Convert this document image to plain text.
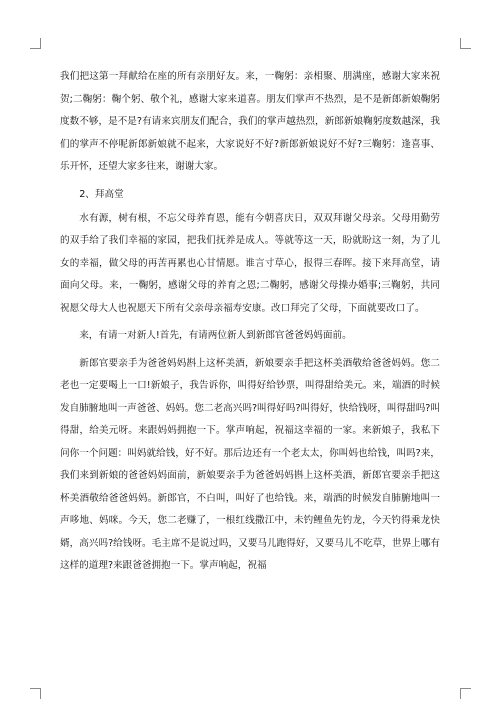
我们把这第一拜献给在座的所有亲朋好友。来，一鞠躬：亲相聚、朋满座，感谢大家来祝贺;二鞠躬：鞠个躬、敬个礼，感谢大家来道喜。朋友们掌声不热烈，是不是新郎新娘鞠躬度数不够，是不是?有请来宾朋友们配合，我们的掌声越热烈，新郎新娘鞠躬度数越深，我们的掌声不停呢新郎新娘就不起来，大家说好不好?新郎新娘说好不好?三鞠躬：逢喜事、乐开怀，还望大家多往来，谢谢大家。

2、拜高堂

水有源，树有根，不忘父母养育恩，能有今朝喜庆日，双双拜谢父母亲。父母用勤劳的双手给了我们幸福的家园，把我们抚养是成人。等就等这一天，盼就盼这一刻，为了儿女的幸福，做父母的再苦再累也心甘情愿。谁言寸草心，报得三春晖。接下来拜高堂，请面向父母。来，一鞠躬，感谢父母的养育之恩;二鞠躬，感谢父母操办婚事;三鞠躬，共同祝愿父母大人也祝愿天下所有父亲母亲福寿安康。改口拜完了父母，下面就要改口了。

来，有请一对新人!首先，有请两位新人到新郎官爸爸妈妈面前。

新郎官要亲手为爸爸妈妈斟上这杯美酒，新娘要亲手把这杯美酒敬给爸爸妈妈。您二老也一定要喝上一口!新娘子，我告诉你，叫得好给钞票，叫得甜给美元。来，端酒的时候发自肺腑地叫一声爸爸、妈妈。您二老高兴吗?叫得好吗?叫得好，快给钱呀，叫得甜吗?叫得甜，给美元呀。来跟妈妈拥抱一下。掌声响起，祝福这幸福的一家。来新娘子，我私下问你一个问题：叫妈就给钱，好不好。那后边还有一个老太太，你叫妈也给钱，叫吗?来，我们来到新娘的爸爸妈妈面前，新娘要亲手为爸爸妈妈斟上这杯美酒，新郎官要亲手把这杯美酒敬给爸爸妈妈。新郎官，不白叫，叫好了也给钱。来，端酒的时候发自肺腑地叫一声哆地、妈咪。今天，您二老赚了，一根红线撒江中，未钓鲤鱼先钓龙，今天钓得乘龙快婿，高兴吗?给钱呀。毛主席不是说过吗，又要马儿跑得好，又要马儿不吃草，世界上哪有这样的道理?来跟爸爸拥抱一下。掌声响起，祝福
